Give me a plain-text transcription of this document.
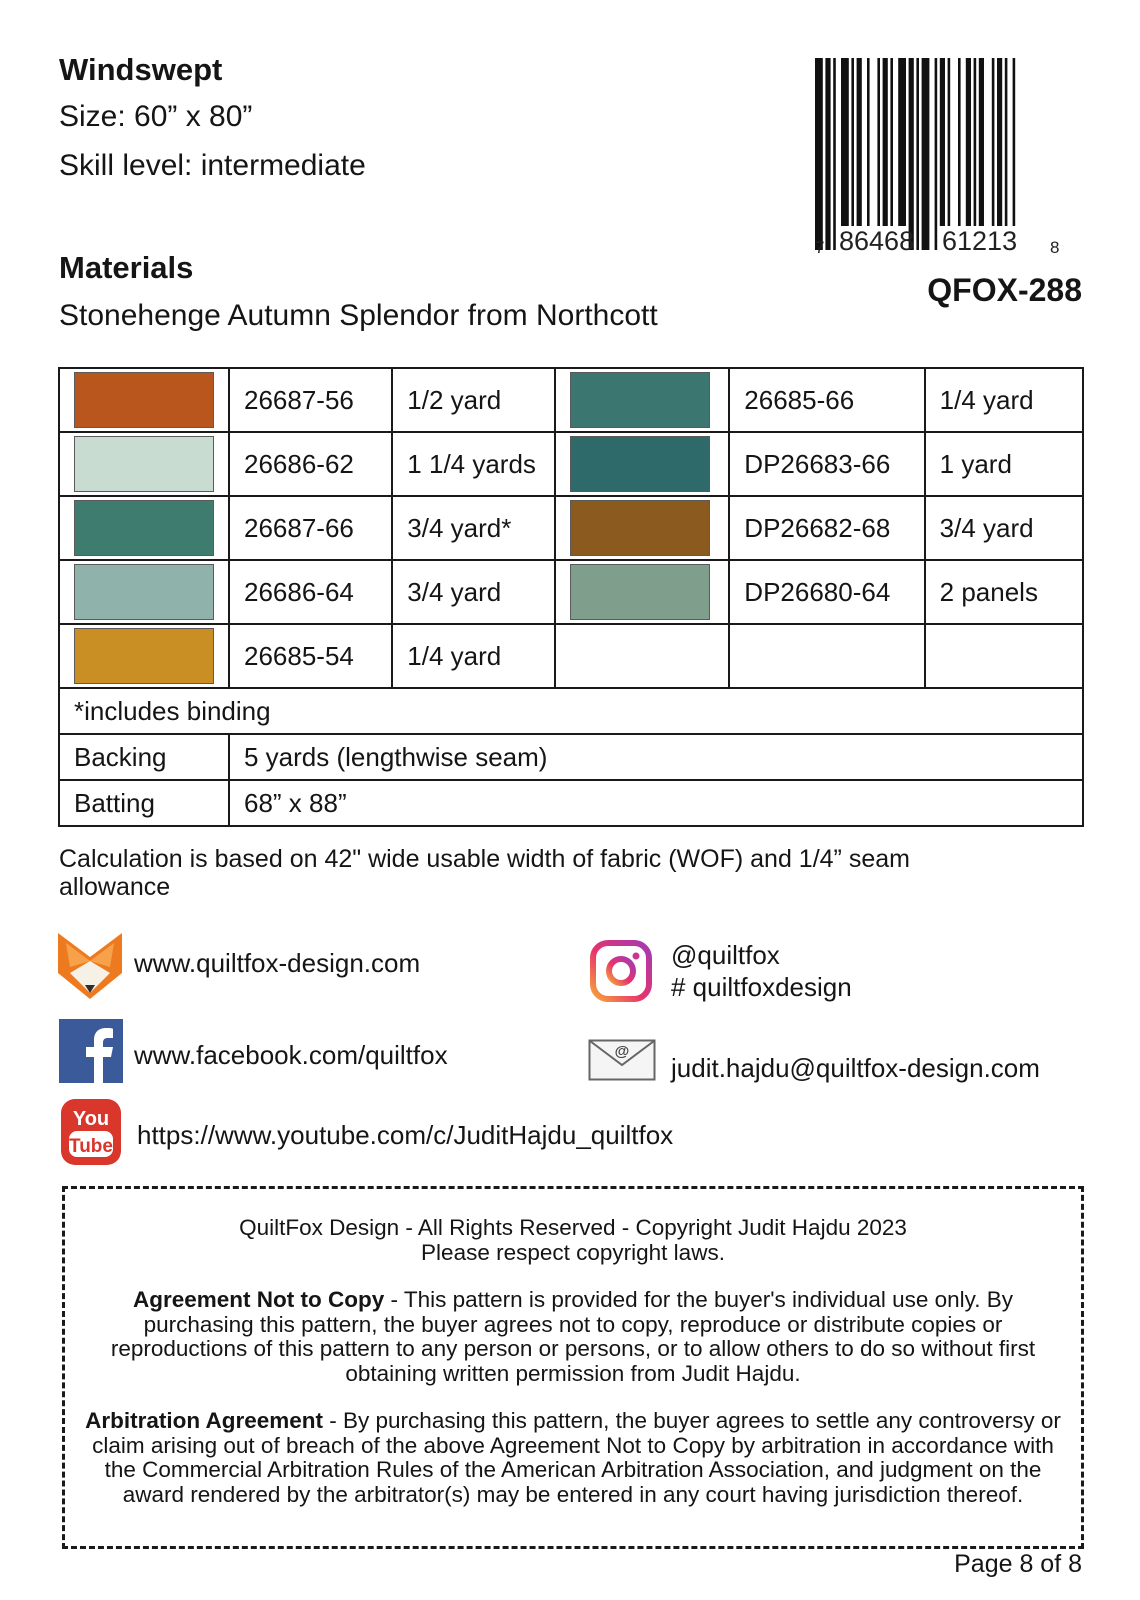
Windswept
Size: 60” x 80”
Skill level: intermediate
Materials
Stonehenge Autumn Splendor from Northcott
7 86468 61213 8
QFOX-288
	26687-56	1/2 yard		26685-66	1/4 yard

	26686-62	1 1/4 yards		DP26683-66	1 yard

	26687-66	3/4 yard*		DP26682-68	3/4 yard

	26686-64	3/4 yard		DP26680-64	2 panels

	26685-54	1/4 yard			
*includes binding					
Backing	5 yards (lengthwise seam)				
Batting	68” x 88”				
Calculation is based on 42" wide usable width of fabric (WOF) and 1/4” seam allowance
www.quiltfox-design.com
www.facebook.com/quiltfox
You
Tube https://www.youtube.com/c/JuditHajdu_quiltfox
@quiltfox
# quiltfoxdesign
@
judit.hajdu@quiltfox-design.com

QuiltFox Design - All Rights Reserved - Copyright Judit Hajdu 2023
Please respect copyright laws.

Agreement Not to Copy - This pattern is provided for the buyer's individual use only. By purchasing this pattern, the buyer agrees not to copy, reproduce or distribute copies or reproductions of this pattern to any person or persons, or to allow others to do so without first obtaining written permission from Judit Hajdu.

Arbitration Agreement - By purchasing this pattern, the buyer agrees to settle any controversy or claim arising out of breach of the above Agreement Not to Copy by arbitration in accordance with the Commercial Arbitration Rules of the American Arbitration Association, and judgment on the award rendered by the arbitrator(s) may be entered in any court having jurisdiction thereof.

Page 8 of 8
